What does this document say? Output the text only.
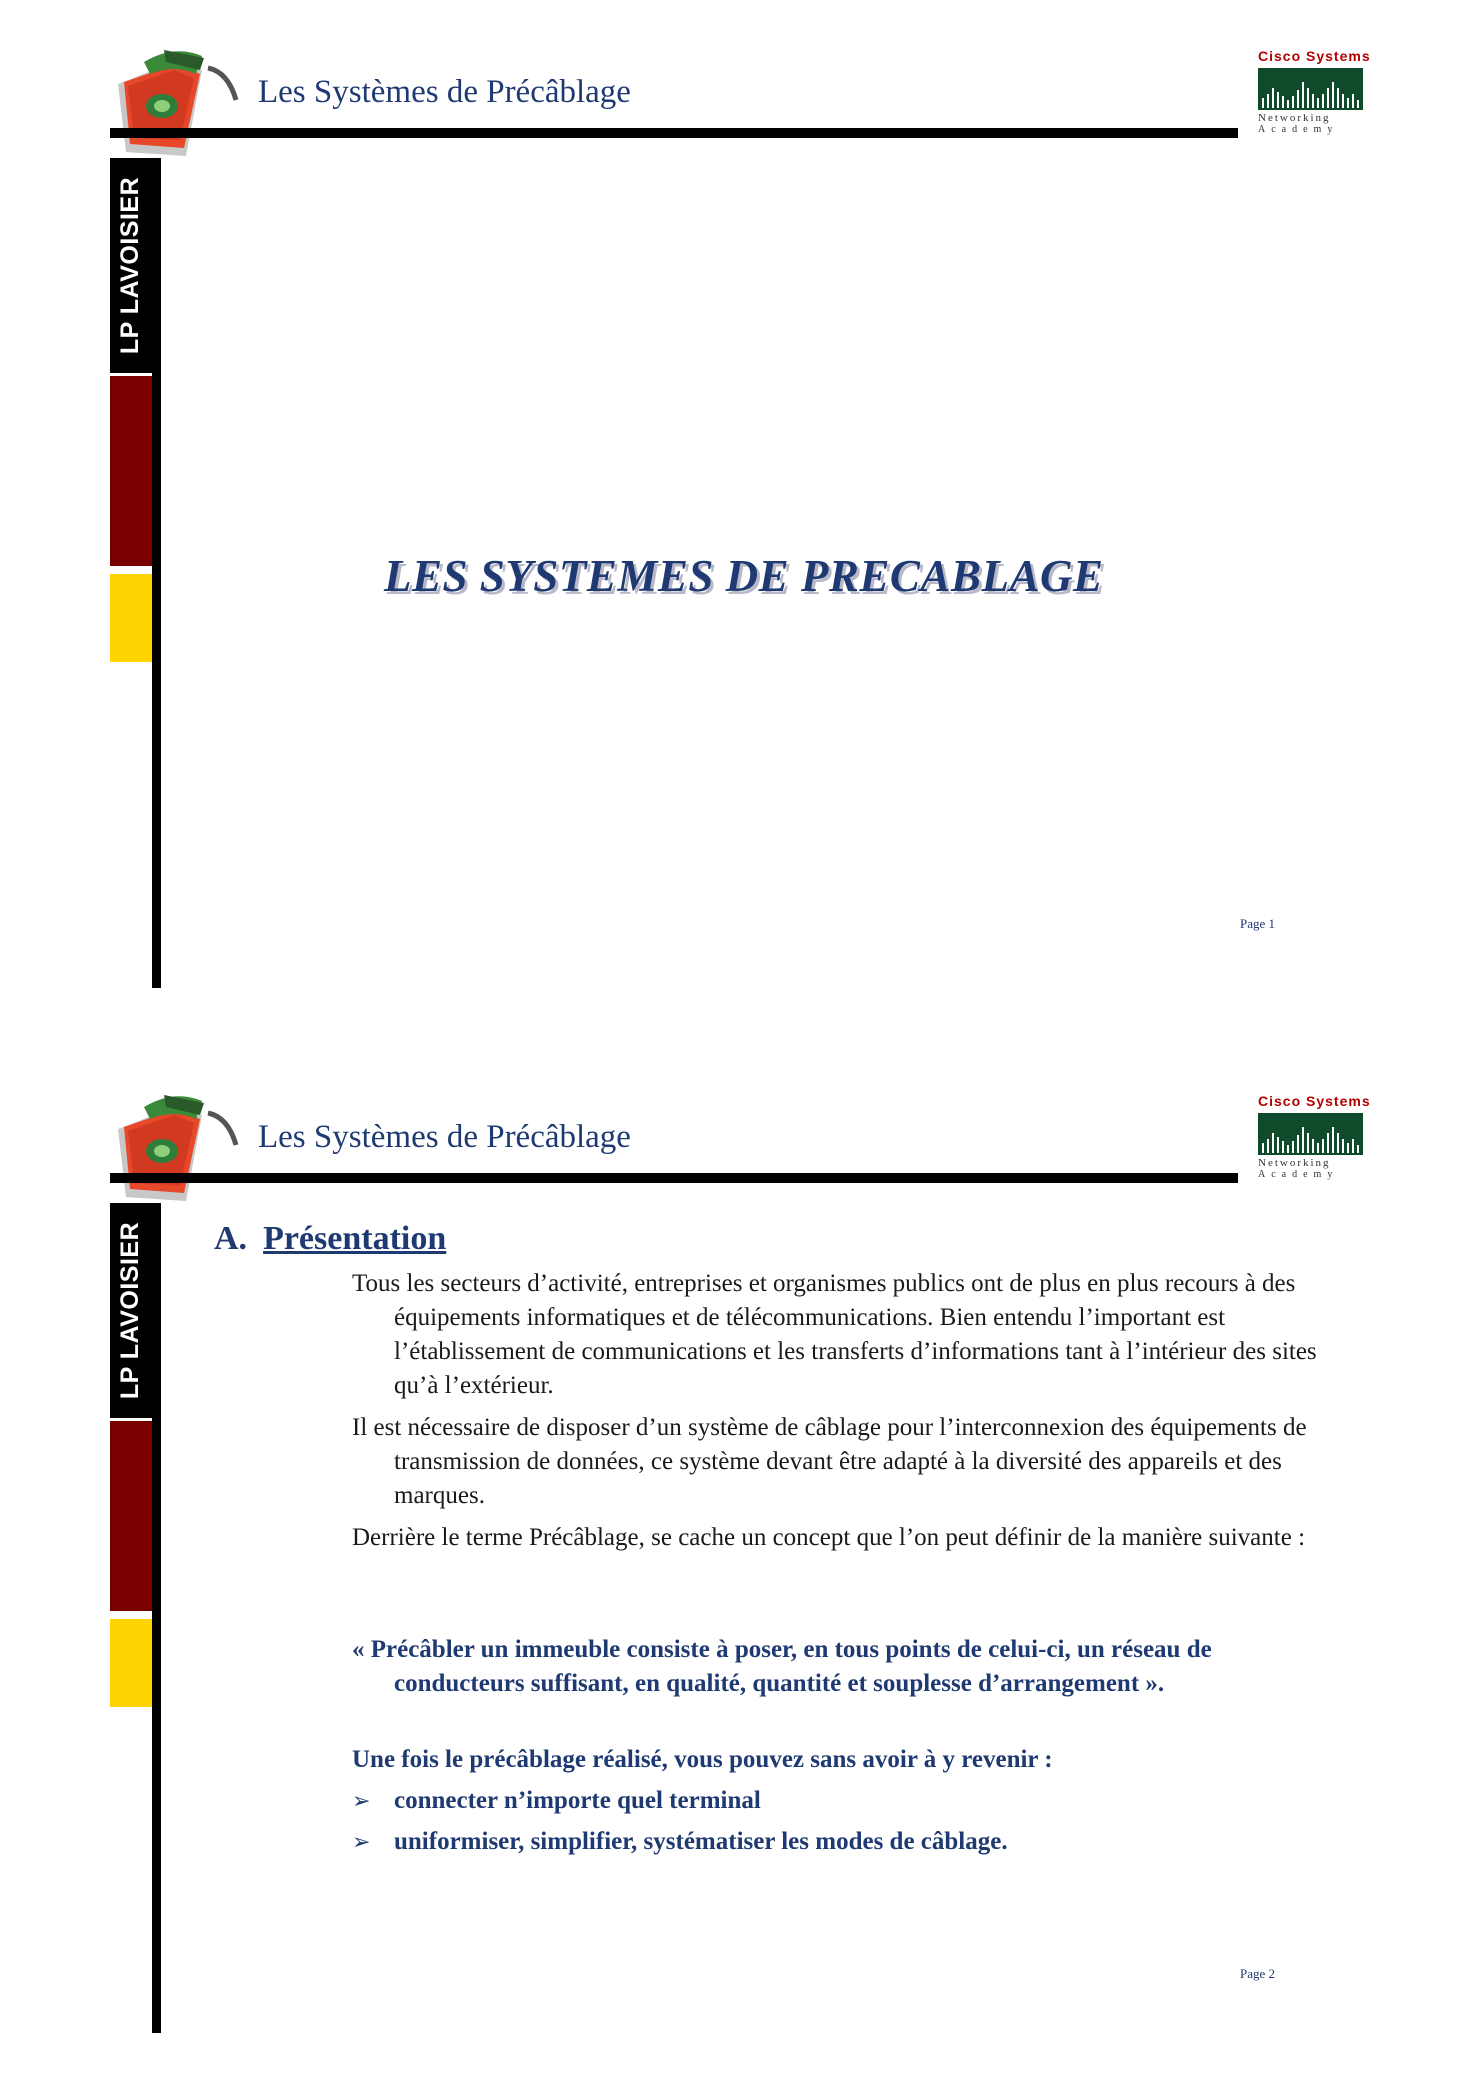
Les Systèmes de Précâblage
Cisco Systems
Networking
Academy
LP LAVOISIER
LES SYSTEMES DE PRECABLAGE
Page 1
Les Systèmes de Précâblage
Cisco Systems
Networking
Academy
LP LAVOISIER A. Présentation
Tous les secteurs d’activité, entreprises et organismes publics ont de plus en plus recours à des équipements informatiques et de télécommunications. Bien entendu l’important est l’établissement de communications et les transferts d’informations tant à l’intérieur des sites qu’à l’extérieur.
Il est nécessaire de disposer d’un système de câblage pour l’interconnexion des équipements de transmission de données, ce système devant être adapté à la diversité des appareils et des marques.
Derrière le terme Précâblage, se cache un concept que l’on peut définir de la manière suivante :
« Précâbler un immeuble consiste à poser, en tous points de celui-ci, un réseau de conducteurs suffisant, en qualité, quantité et souplesse d’arrangement ».
Une fois le précâblage réalisé, vous pouvez sans avoir à y revenir :
➢ connecter n’importe quel terminal
➢ uniformiser, simplifier, systématiser les modes de câblage.
Page 2
